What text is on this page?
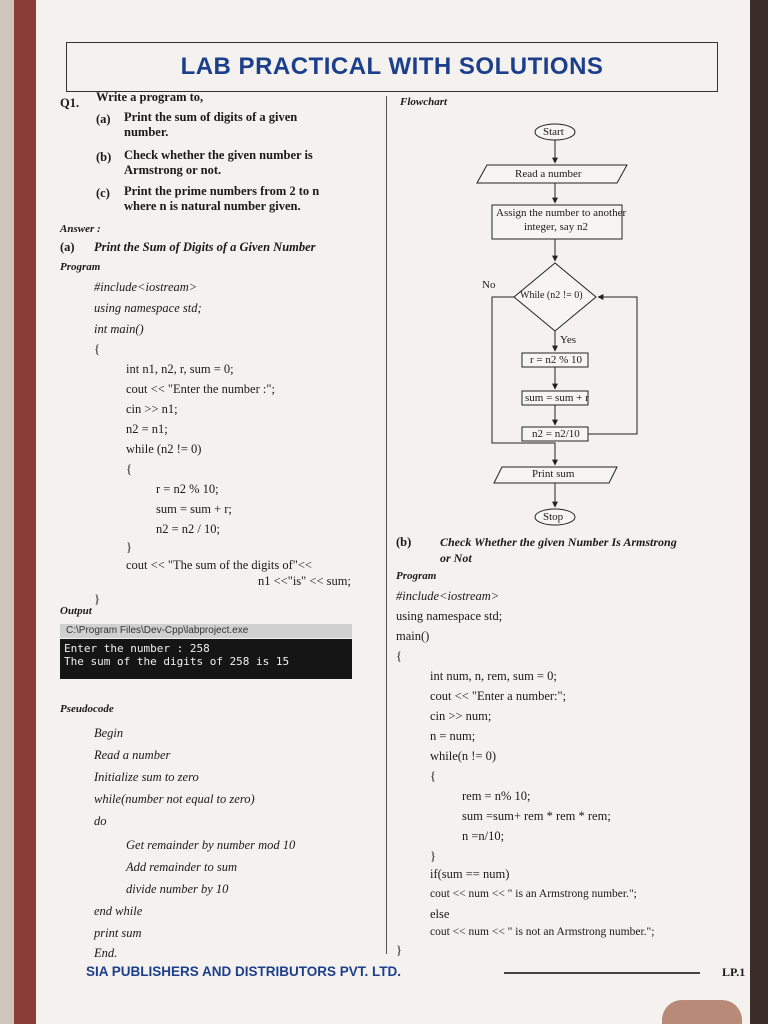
LAB PRACTICAL WITH SOLUTIONS
Q1. Write a program to,
(a) Print the sum of digits of a given
number.
(b) Check whether the given number is
Armstrong or not.
(c) Print the prime numbers from 2 to n
where n is natural number given.
Answer :
(a) Print the Sum of Digits of a Given Number
Program
#include<iostream>
using namespace std;
int main()
{
int n1, n2, r, sum = 0;
cout << "Enter the number :";
cin >> n1;
n2 = n1;
while (n2 != 0)
{
r = n2 % 10;
sum = sum + r;
n2 = n2 / 10;
}
cout << "The sum of the digits of"<<
n1 <<"is" << sum;
}
Output
C:\Program Files\Dev-Cpp\labproject.exe
Enter the number : 258
The sum of the digits of 258 is 15
Pseudocode
Begin
Read a number
Initialize sum to zero
while(number not equal to zero)
do
Get remainder by number mod 10
Add remainder to sum
divide number by 10
end while
print sum
End.
Flowchart
Start
Read a number
Assign the number to another
integer, say n2
While (n2 != 0)
No
Yes
r = n2 % 10
sum = sum + r
n2 = n2/10
Print sum
Stop
(b) Check Whether the given Number Is Armstrong
or Not
Program
#include<iostream>
using namespace std;
main()
{
int num, n, rem, sum = 0;
cout << "Enter a number:";
cin >> num;
n = num;
while(n != 0)
{
rem = n% 10;
sum =sum+ rem * rem * rem;
n =n/10;
}
if(sum == num)
cout << num << " is an Armstrong number.";
else
cout << num << " is not an Armstrong number.";
}
SIA PUBLISHERS AND DISTRIBUTORS PVT. LTD.	LP.1
